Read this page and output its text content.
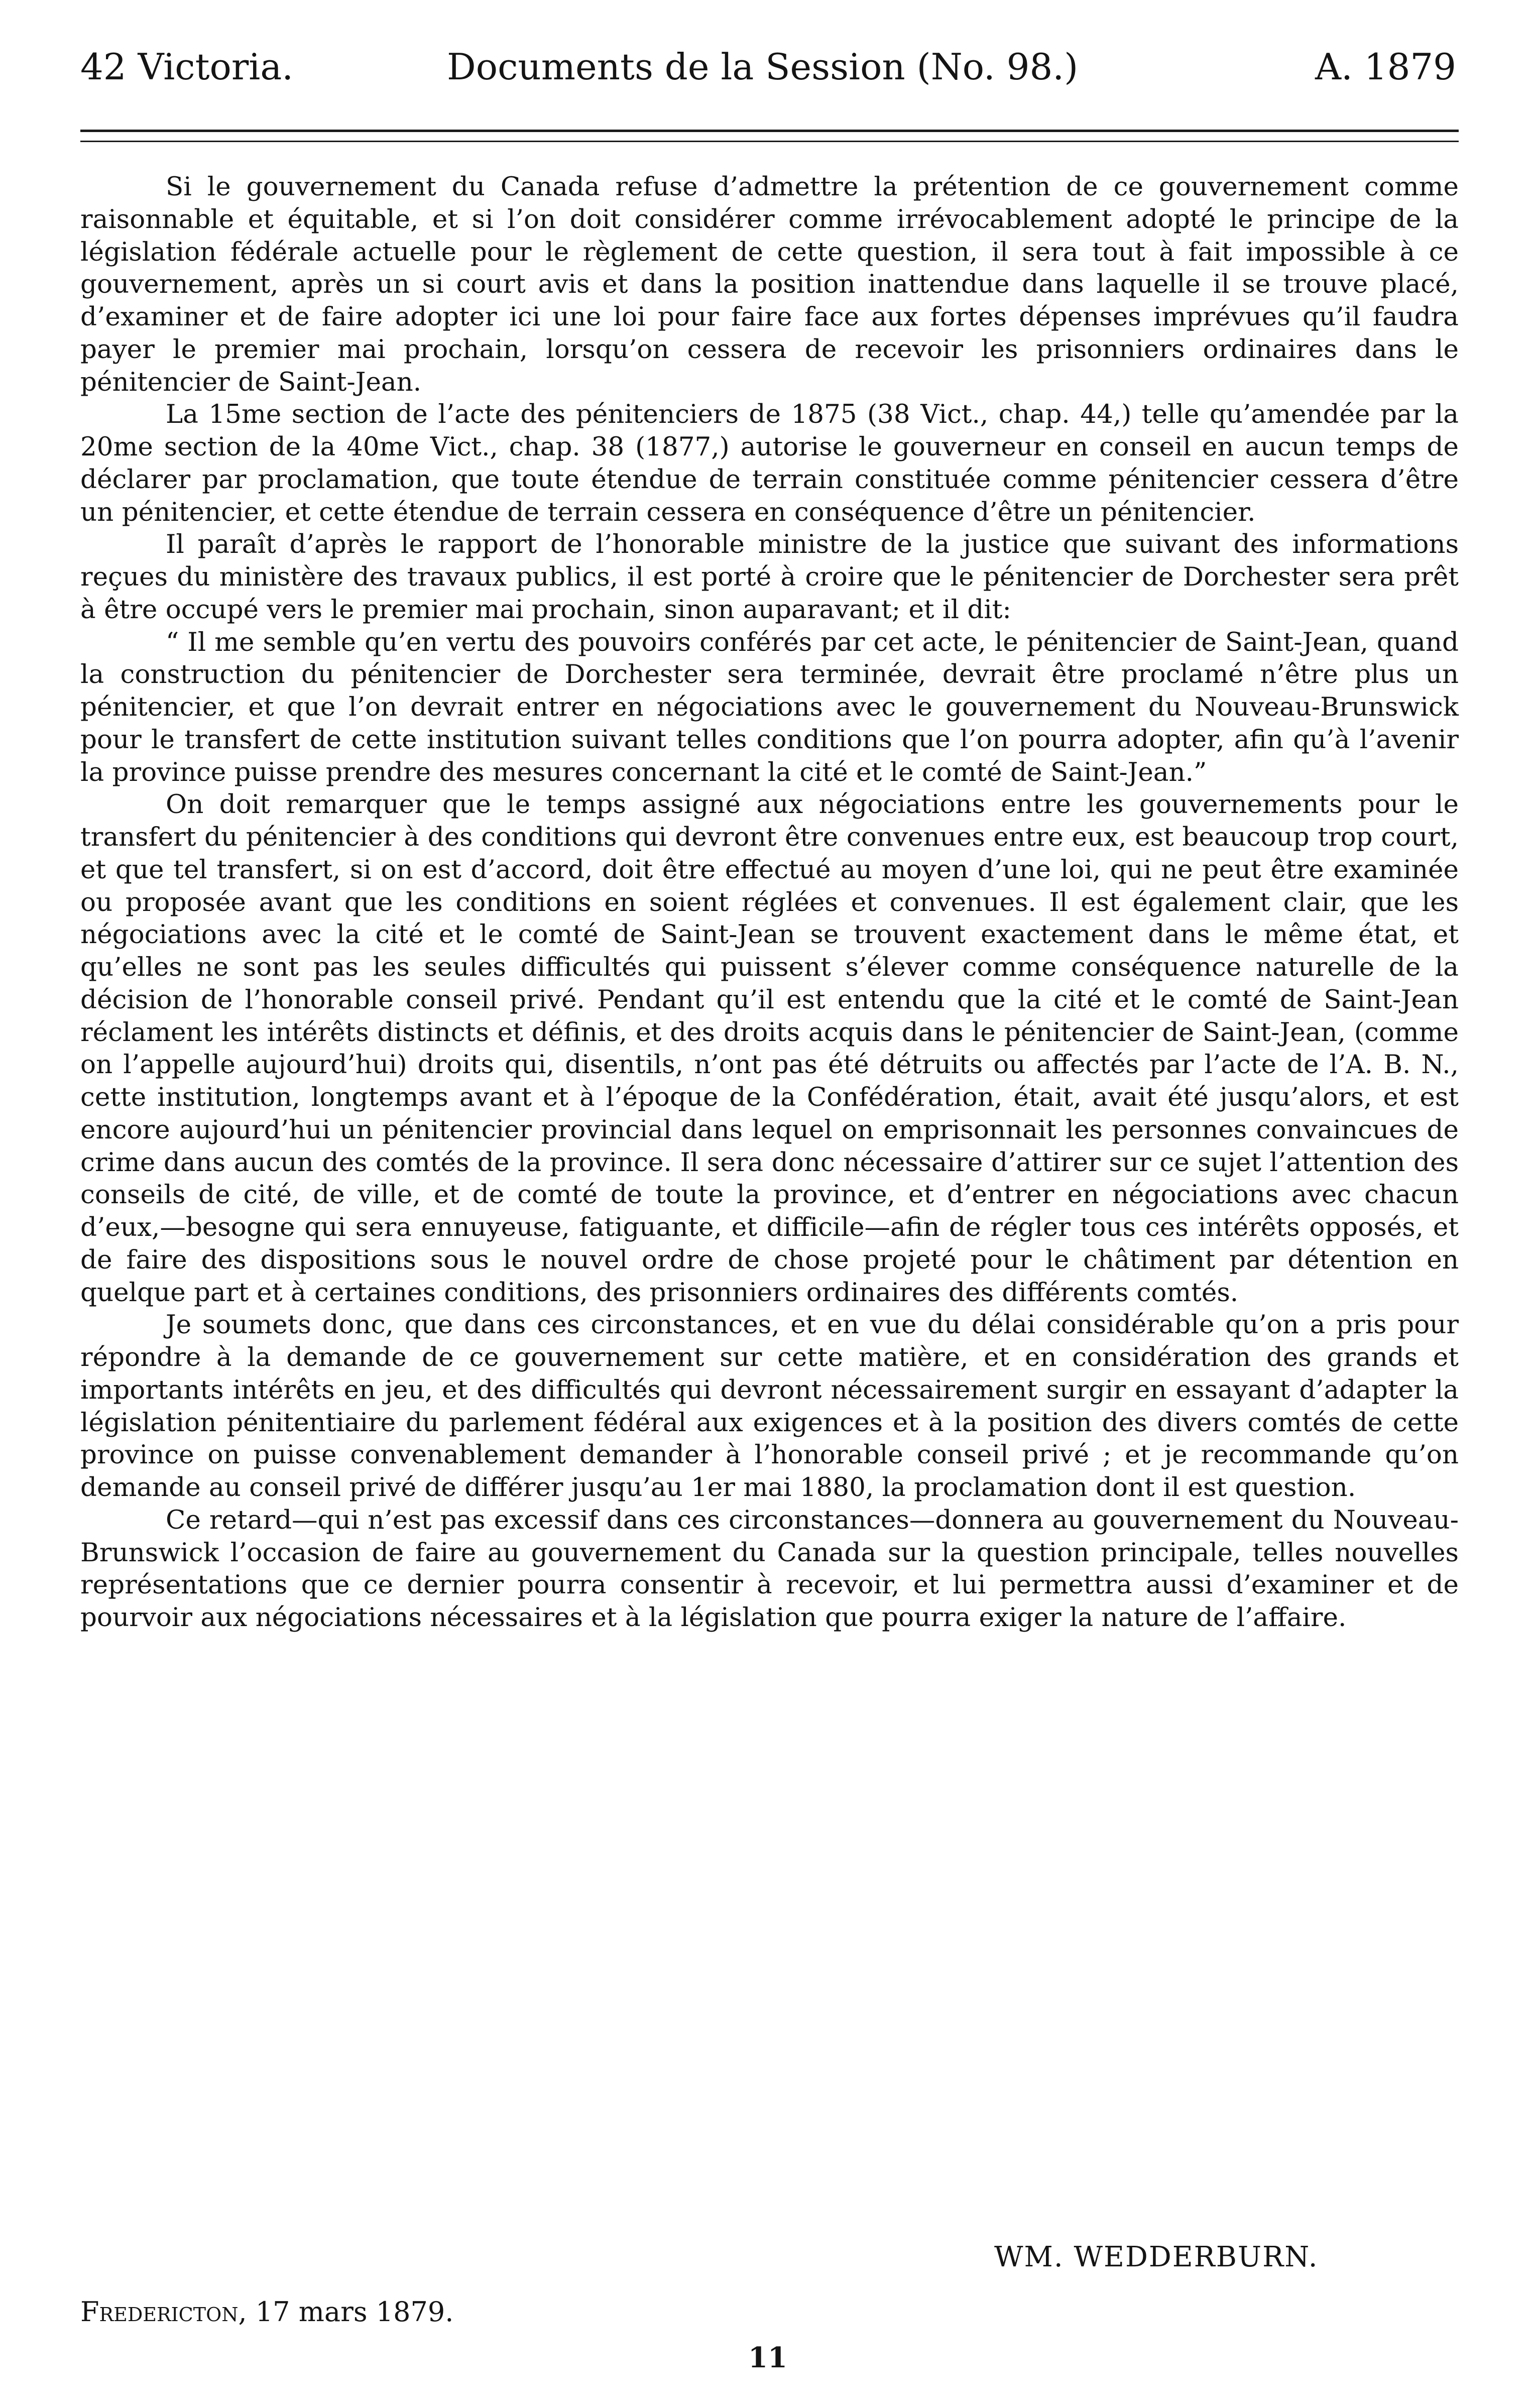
42 Victoria.	Documents de la Session (No. 98.)	A. 1879

Si le gouvernement du Canada refuse d’admettre la prétention de ce gouvernement comme raisonnable et équitable, et si l’on doit considérer comme irrévocablement adopté le principe de la législation fédérale actuelle pour le règlement de cette question, il sera tout à fait impossible à ce gouvernement, après un si court avis et dans la position inattendue dans laquelle il se trouve placé, d’examiner et de faire adopter ici une loi pour faire face aux fortes dépenses imprévues qu’il faudra payer le premier mai prochain, lorsqu’on cessera de recevoir les prisonniers ordinaires dans le pénitencier de Saint-Jean.

La 15me section de l’acte des pénitenciers de 1875 (38 Vict., chap. 44,) telle qu’amendée par la 20me section de la 40me Vict., chap. 38 (1877,) autorise le gouverneur en conseil en aucun temps de déclarer par proclamation, que toute étendue de terrain constituée comme pénitencier cessera d’être un pénitencier, et cette étendue de terrain cessera en conséquence d’être un pénitencier.

Il paraît d’après le rapport de l’honorable ministre de la justice que suivant des informations reçues du ministère des travaux publics, il est porté à croire que le pénitencier de Dorchester sera prêt à être occupé vers le premier mai prochain, sinon auparavant; et il dit:

“ Il me semble qu’en vertu des pouvoirs conférés par cet acte, le pénitencier de Saint-Jean, quand la construction du pénitencier de Dorchester sera terminée, devrait être proclamé n’être plus un pénitencier, et que l’on devrait entrer en négociations avec le gouvernement du Nouveau-Brunswick pour le transfert de cette institution suivant telles conditions que l’on pourra adopter, afin qu’à l’avenir la province puisse prendre des mesures concernant la cité et le comté de Saint-Jean.”

On doit remarquer que le temps assigné aux négociations entre les gouvernements pour le transfert du pénitencier à des conditions qui devront être convenues entre eux, est beaucoup trop court, et que tel transfert, si on est d’accord, doit être effectué au moyen d’une loi, qui ne peut être examinée ou proposée avant que les conditions en soient réglées et convenues. Il est également clair, que les négociations avec la cité et le comté de Saint-Jean se trouvent exactement dans le même état, et qu’elles ne sont pas les seules difficultés qui puissent s’élever comme conséquence naturelle de la décision de l’honorable conseil privé. Pendant qu’il est entendu que la cité et le comté de Saint-Jean réclament les intérêts distincts et définis, et des droits acquis dans le pénitencier de Saint-Jean, (comme on l’appelle aujourd’hui) droits qui, disentils, n’ont pas été détruits ou affectés par l’acte de l’A. B. N., cette institution, longtemps avant et à l’époque de la Confédération, était, avait été jusqu’alors, et est encore aujourd’hui un pénitencier provincial dans lequel on emprisonnait les personnes convaincues de crime dans aucun des comtés de la province. Il sera donc nécessaire d’attirer sur ce sujet l’attention des conseils de cité, de ville, et de comté de toute la province, et d’entrer en négociations avec chacun d’eux,—besogne qui sera ennuyeuse, fatiguante, et difficile—afin de régler tous ces intérêts opposés, et de faire des dispositions sous le nouvel ordre de chose projeté pour le châtiment par détention en quelque part et à certaines conditions, des prisonniers ordinaires des différents comtés.

Je soumets donc, que dans ces circonstances, et en vue du délai considérable qu’on a pris pour répondre à la demande de ce gouvernement sur cette matière, et en considération des grands et importants intérêts en jeu, et des difficultés qui devront nécessairement surgir en essayant d’adapter la législation pénitentiaire du parlement fédéral aux exigences et à la position des divers comtés de cette province on puisse convenablement demander à l’honorable conseil privé ; et je recommande qu’on demande au conseil privé de différer jusqu’au 1er mai 1880, la proclamation dont il est question.

Ce retard—qui n’est pas excessif dans ces circonstances—donnera au gouvernement du Nouveau-Brunswick l’occasion de faire au gouvernement du Canada sur la question principale, telles nouvelles représentations que ce dernier pourra consentir à recevoir, et lui permettra aussi d’examiner et de pourvoir aux négociations nécessaires et à la législation que pourra exiger la nature de l’affaire.

WM. WEDDERBURN.
Fredericton, 17 mars 1879.
11
